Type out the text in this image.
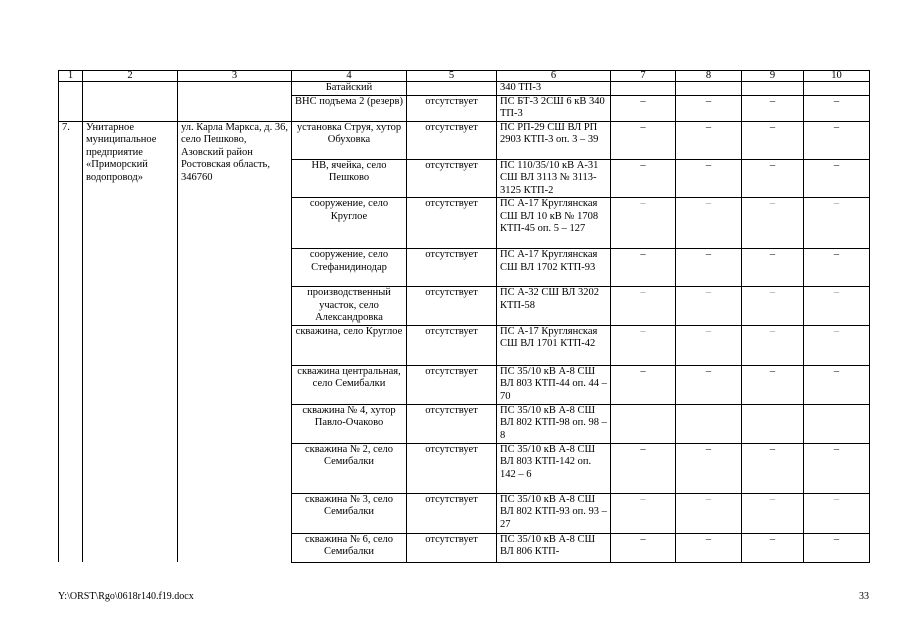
1	2	3	4	5	6	7	8	9	10
			Батайский		340 ТП-3				
			ВНС подъема 2 (резерв)	отсутствует	ПС БТ-3 2СШ 6 кВ 340 ТП-3	–	–	–	–
7.	Унитарное муниципальное предприятие «Приморский водопровод»	ул. Карла Маркса, д. 36, село Пешково, Азовский район Ростовская область, 346760	установка Струя, хутор Обуховка	отсутствует	ПС РП-29 СШ ВЛ РП 2903 КТП-3 оп. 3 – 39	–	–	–	–
			НВ, ячейка, село Пешково	отсутствует	ПС 110/35/10 кВ А-31 СШ ВЛ 3113 № 3113-3125 КТП-2	–	–	–	–
			сооружение, село Круглое	отсутствует	ПС А-17 Круглянская СШ ВЛ 10 кВ № 1708 КТП-45 оп. 5 – 127	–	–	–	–
			сооружение, село Стефанидинодар	отсутствует	ПС А-17 Круглянская СШ ВЛ 1702 КТП-93	–	–	–	–
			производственный участок, село Александровка	отсутствует	ПС А-32 СШ ВЛ 3202 КТП-58	–	–	–	–
			скважина, село Круглое	отсутствует	ПС А-17 Круглянская СШ ВЛ 1701 КТП-42	–	–	–	–
			скважина центральная, село Семибалки	отсутствует	ПС 35/10 кВ А-8 СШ ВЛ 803 КТП-44 оп. 44 – 70	–	–	–	–
			скважина № 4, хутор Павло-Очаково	отсутствует	ПС 35/10 кВ А-8 СШ ВЛ 802 КТП-98 оп. 98 – 8				
			скважина № 2, село Семибалки	отсутствует	ПС 35/10 кВ А-8 СШ ВЛ 803 КТП-142 оп. 142 – 6	–	–	–	–
			скважина № 3, село Семибалки	отсутствует	ПС 35/10 кВ А-8 СШ ВЛ 802 КТП-93 оп. 93 – 27	–	–	–	–
			скважина № 6, село Семибалки	отсутствует	ПС 35/10 кВ А-8 СШ ВЛ 806 КТП-	–	–	–	–
Y:\ORST\Rgo\0618r140.f19.docx	33
